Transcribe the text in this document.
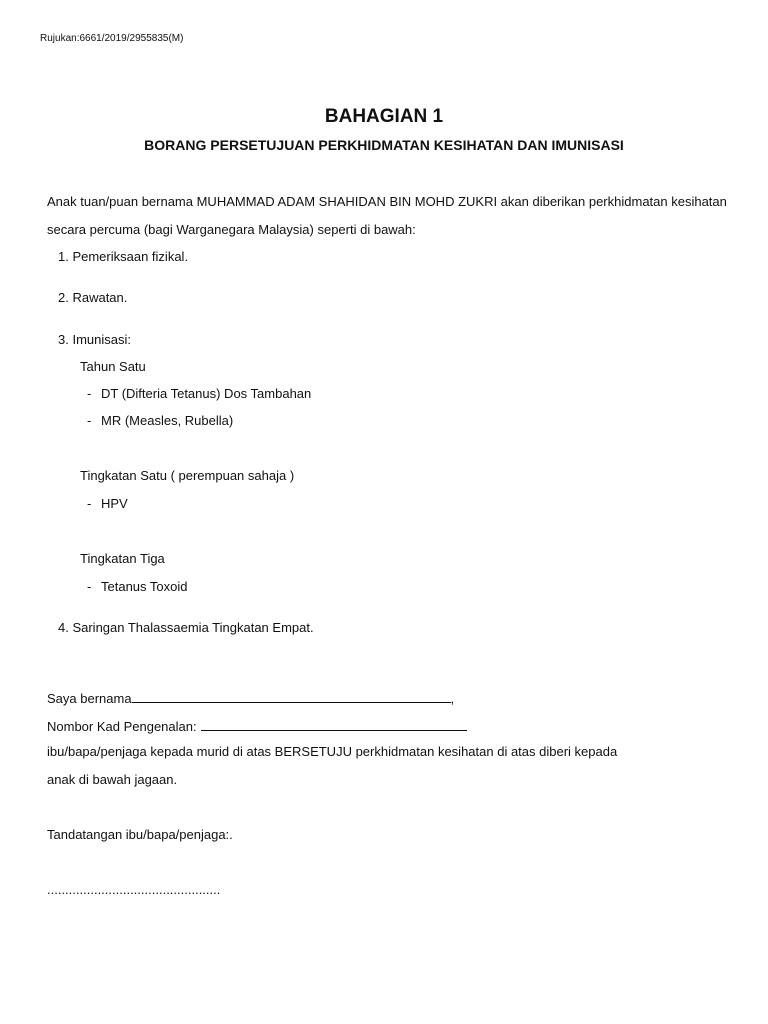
Rujukan:6661/2019/2955835(M)
BAHAGIAN 1
BORANG PERSETUJUAN PERKHIDMATAN KESIHATAN DAN IMUNISASI
Anak tuan/puan bernama MUHAMMAD ADAM SHAHIDAN BIN MOHD ZUKRI akan diberikan perkhidmatan kesihatan
secara percuma (bagi Warganegara Malaysia) seperti di bawah:
1. Pemeriksaan fizikal.
2. Rawatan.
3. Imunisasi:
Tahun Satu
- DT (Difteria Tetanus) Dos Tambahan
- MR (Measles, Rubella)
Tingkatan Satu ( perempuan sahaja )
- HPV
Tingkatan Tiga
- Tetanus Toxoid
4. Saringan Thalassaemia Tingkatan Empat.
Saya bernama	,
Nombor Kad Pengenalan:
ibu/bapa/penjaga kepada murid di atas BERSETUJU perkhidmatan kesihatan di atas diberi kepada
anak di bawah jagaan.
Tandatangan ibu/bapa/penjaga:.
................................................
